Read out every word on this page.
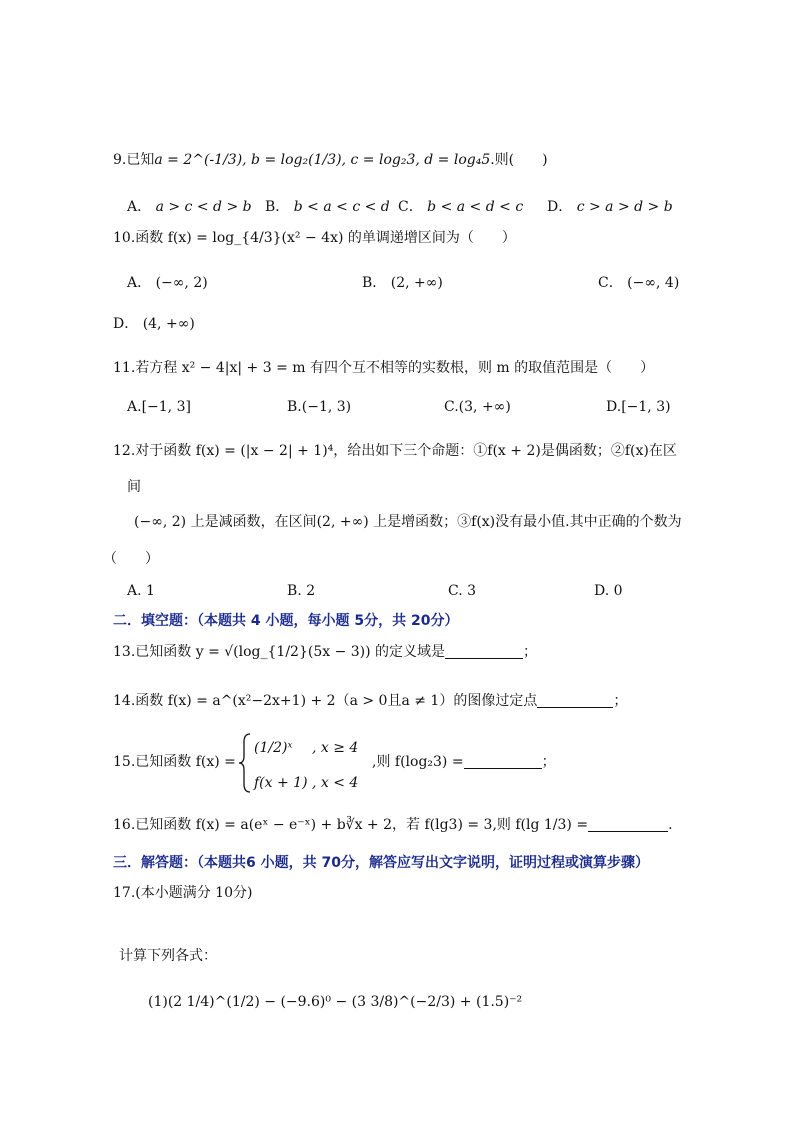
9.已知a = 2^(-1/3), b = log₂(1/3), c = log₂3, d = log₄5.则(　　)
A． a > c < d > b B． b < a < c < d C． b < a < d < c D． c > a > d > b
10.函数 f(x) = log_{4/3}(x² − 4x) 的单调递增区间为（　　）
A． (−∞, 2)	B． (2, +∞)	C． (−∞, 4)
D． (4, +∞)
11.若方程 x² − 4|x| + 3 = m 有四个互不相等的实数根，则 m 的取值范围是（　　）
A.[−1, 3]	B.(−1, 3)	C.(3, +∞)	D.[−1, 3)
12.对于函数 f(x) = (|x − 2| + 1)⁴，给出如下三个命题：①f(x + 2)是偶函数；②f(x)在区
间
(−∞, 2) 上是减函数，在区间(2, +∞) 上是增函数；③f(x)没有最小值.其中正确的个数为
（　　）
A. 1	B. 2	C. 3	D. 0
二．填空题：（本题共 4 小题，每小题 5分，共 20分）
13.已知函数 y = √(log_{1/2}(5x − 3)) 的定义域是	；
14.函数 f(x) = a^(x²−2x+1) + 2（a > 0且a ≠ 1）的图像过定点	；
15.已知函数 f(x) =
(1/2)ˣ , x ≥ 4
f(x + 1) , x < 4
,则 f(log₂3) =	；
16.已知函数 f(x) = a(eˣ − e⁻ˣ) + b∛x + 2，若 f(lg3) = 3,则 f(lg 1/3) =	.
三．解答题：（本题共6 小题，共 70分，解答应写出文字说明，证明过程或演算步骤）
17.(本小题满分 10分)
计算下列各式：
(1)(2 1/4)^(1/2) − (−9.6)⁰ − (3 3/8)^(−2/3) + (1.5)⁻²
